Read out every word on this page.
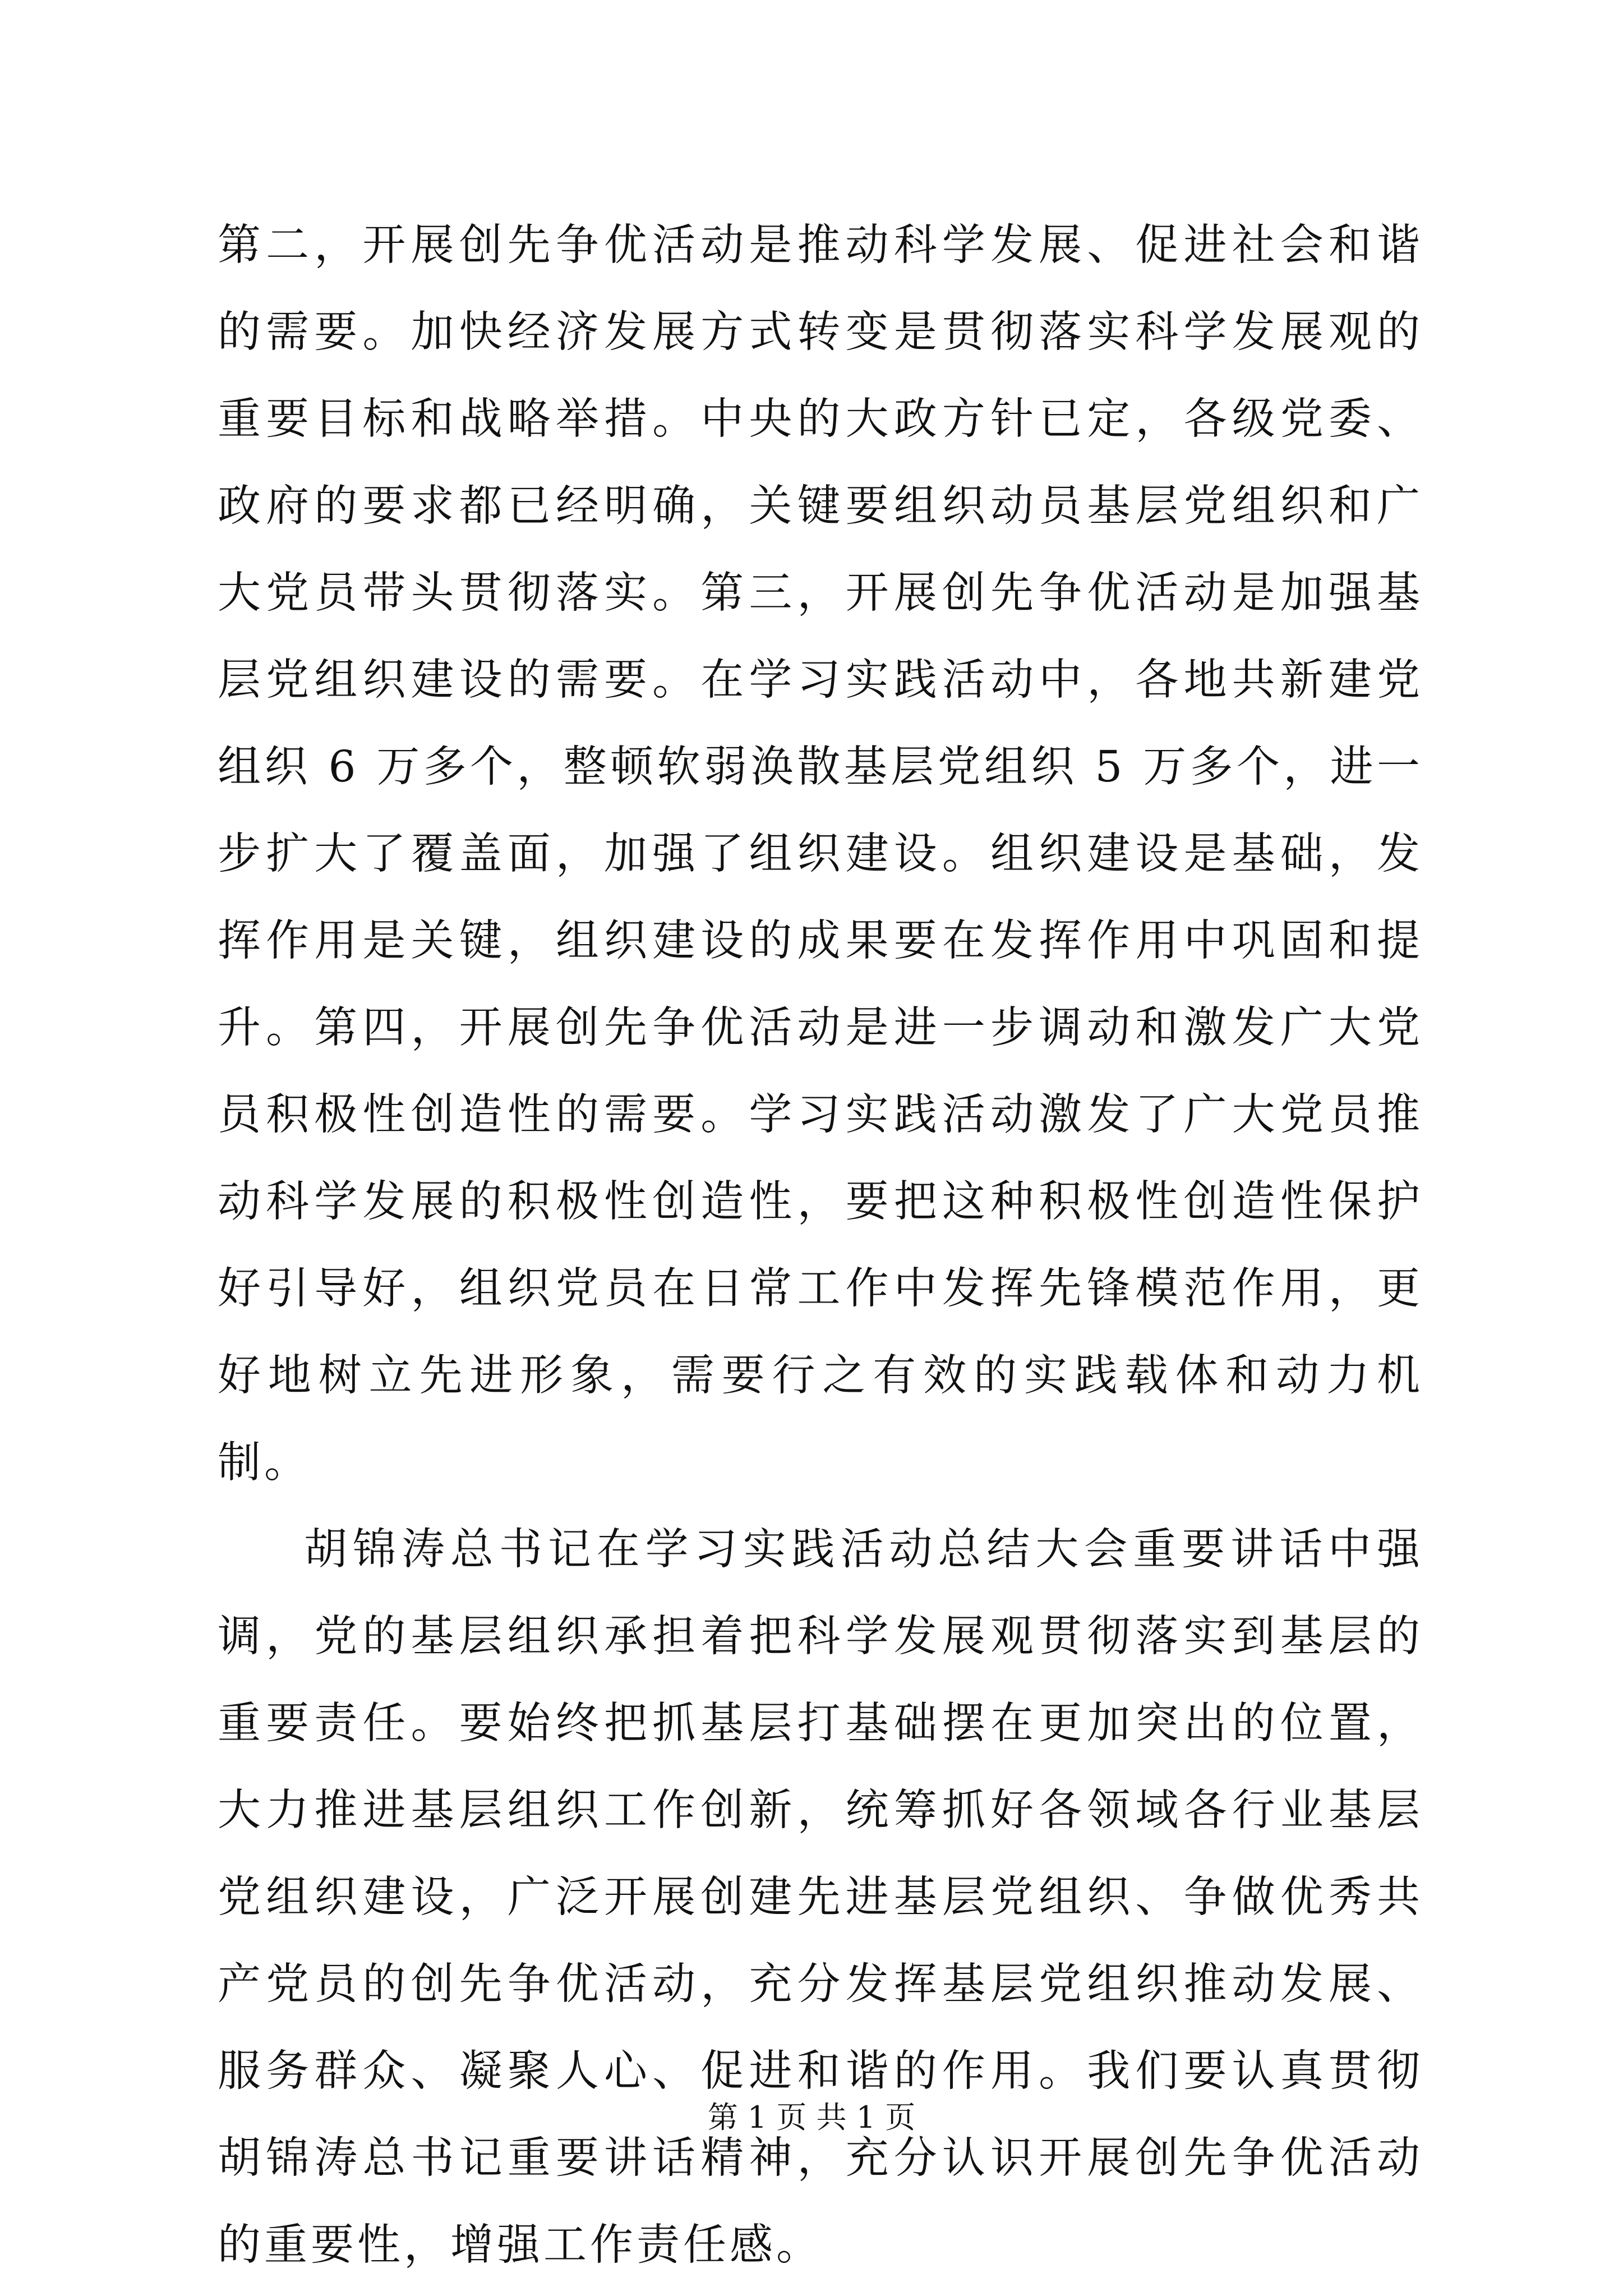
第二，开展创先争优活动是推动科学发展、促进社会和谐的需要。加快经济发展方式转变是贯彻落实科学发展观的重要目标和战略举措。中央的大政方针已定，各级党委、政府的要求都已经明确，关键要组织动员基层党组织和广大党员带头贯彻落实。第三，开展创先争优活动是加强基层党组织建设的需要。在学习实践活动中，各地共新建党组织 6 万多个，整顿软弱涣散基层党组织 5 万多个，进一步扩大了覆盖面，加强了组织建设。组织建设是基础，发挥作用是关键，组织建设的成果要在发挥作用中巩固和提升。第四，开展创先争优活动是进一步调动和激发广大党员积极性创造性的需要。学习实践活动激发了广大党员推动科学发展的积极性创造性，要把这种积极性创造性保护好引导好，组织党员在日常工作中发挥先锋模范作用，更好地树立先进形象，需要行之有效的实践载体和动力机制。

胡锦涛总书记在学习实践活动总结大会重要讲话中强调，党的基层组织承担着把科学发展观贯彻落实到基层的重要责任。要始终把抓基层打基础摆在更加突出的位置，大力推进基层组织工作创新，统筹抓好各领域各行业基层党组织建设，广泛开展创建先进基层党组织、争做优秀共产党员的创先争优活动，充分发挥基层党组织推动发展、服务群众、凝聚人心、促进和谐的作用。我们要认真贯彻胡锦涛总书记重要讲话精神，充分认识开展创先争优活动的重要性，增强工作责任感。

第 1 页 共 1 页
